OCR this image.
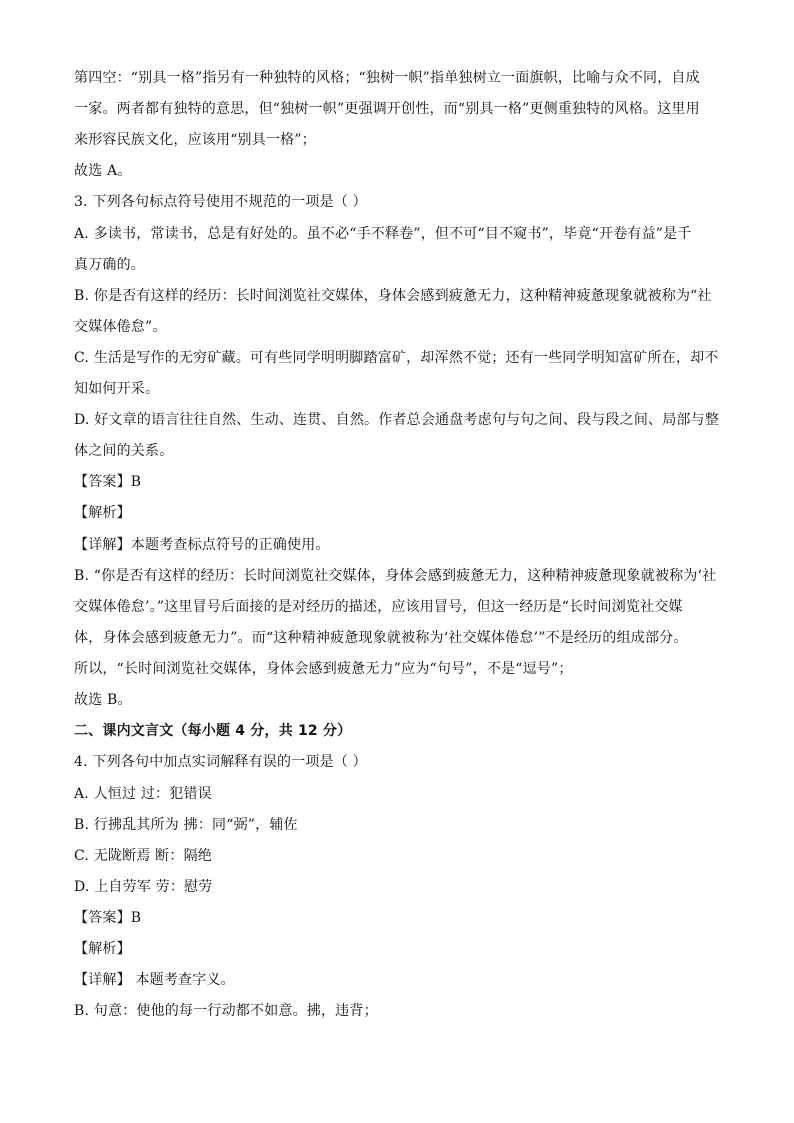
第四空：“别具一格”指另有一种独特的风格；“独树一帜”指单独树立一面旗帜，比喻与众不同，自成
一家。两者都有独特的意思，但“独树一帜”更强调开创性，而“别具一格”更侧重独特的风格。这里用
来形容民族文化，应该用“别具一格”；
故选 A。
3. 下列各句标点符号使用不规范的一项是（ ）
A. 多读书，常读书，总是有好处的。虽不必“手不释卷”，但不可“目不窥书”，毕竟“开卷有益”是千
真万确的。
B. 你是否有这样的经历：长时间浏览社交媒体，身体会感到疲惫无力，这种精神疲惫现象就被称为“社
交媒体倦怠”。
C. 生活是写作的无穷矿藏。可有些同学明明脚踏富矿，却浑然不觉；还有一些同学明知富矿所在，却不
知如何开采。
D. 好文章的语言往往自然、生动、连贯、自然。作者总会通盘考虑句与句之间、段与段之间、局部与整
体之间的关系。
【答案】B
【解析】
【详解】本题考查标点符号的正确使用。
B. “你是否有这样的经历：长时间浏览社交媒体，身体会感到疲惫无力，这种精神疲惫现象就被称为‘社
交媒体倦怠’。”这里冒号后面接的是对经历的描述，应该用冒号，但这一经历是“长时间浏览社交媒
体，身体会感到疲惫无力”。而“这种精神疲惫现象就被称为‘社交媒体倦怠’”不是经历的组成部分。
所以，“长时间浏览社交媒体，身体会感到疲惫无力”应为“句号”，不是“逗号”；
故选 B。
二、课内文言文（每小题 4 分，共 12 分）
4. 下列各句中加点实词解释有误的一项是（ ）
A. 人恒过 过：犯错误
B. 行拂乱其所为 拂：同“弼”，辅佐
C. 无陇断焉 断：隔绝
D. 上自劳军 劳：慰劳
【答案】B
【解析】
【详解】 本题考查字义。
B. 句意：使他的每一行动都不如意。拂，违背；
